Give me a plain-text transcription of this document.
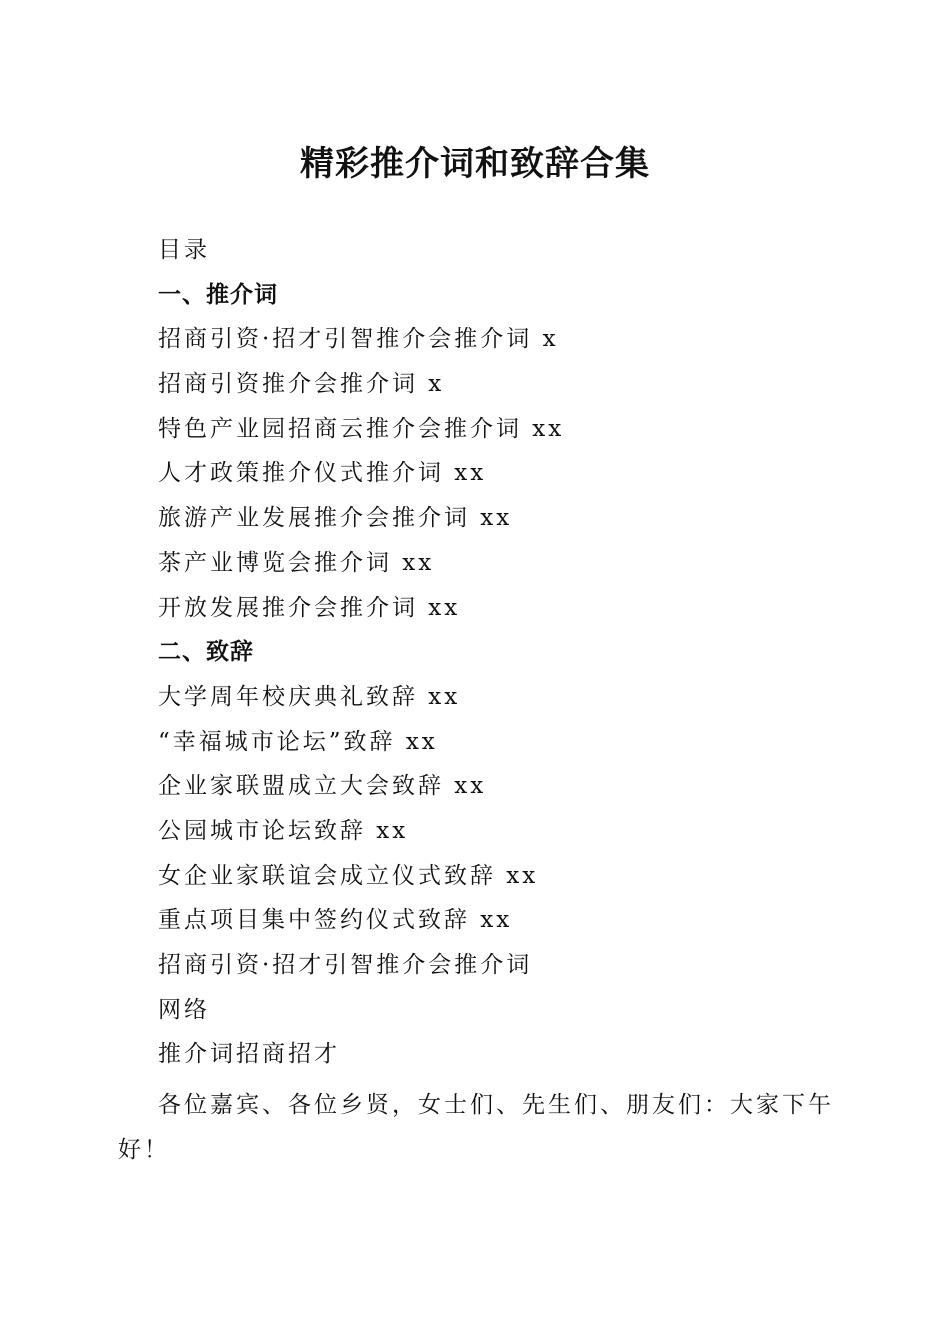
精彩推介词和致辞合集
目录
一、推介词
招商引资·招才引智推介会推介词 x
招商引资推介会推介词 x
特色产业园招商云推介会推介词 xx
人才政策推介仪式推介词 xx
旅游产业发展推介会推介词 xx
茶产业博览会推介词 xx
开放发展推介会推介词 xx
二、致辞
大学周年校庆典礼致辞 xx
“幸福城市论坛”致辞 xx
企业家联盟成立大会致辞 xx
公园城市论坛致辞 xx
女企业家联谊会成立仪式致辞 xx
重点项目集中签约仪式致辞 xx
招商引资·招才引智推介会推介词
网络
推介词招商招才

各位嘉宾、各位乡贤，女士们、先生们、朋友们：大家下午好！
